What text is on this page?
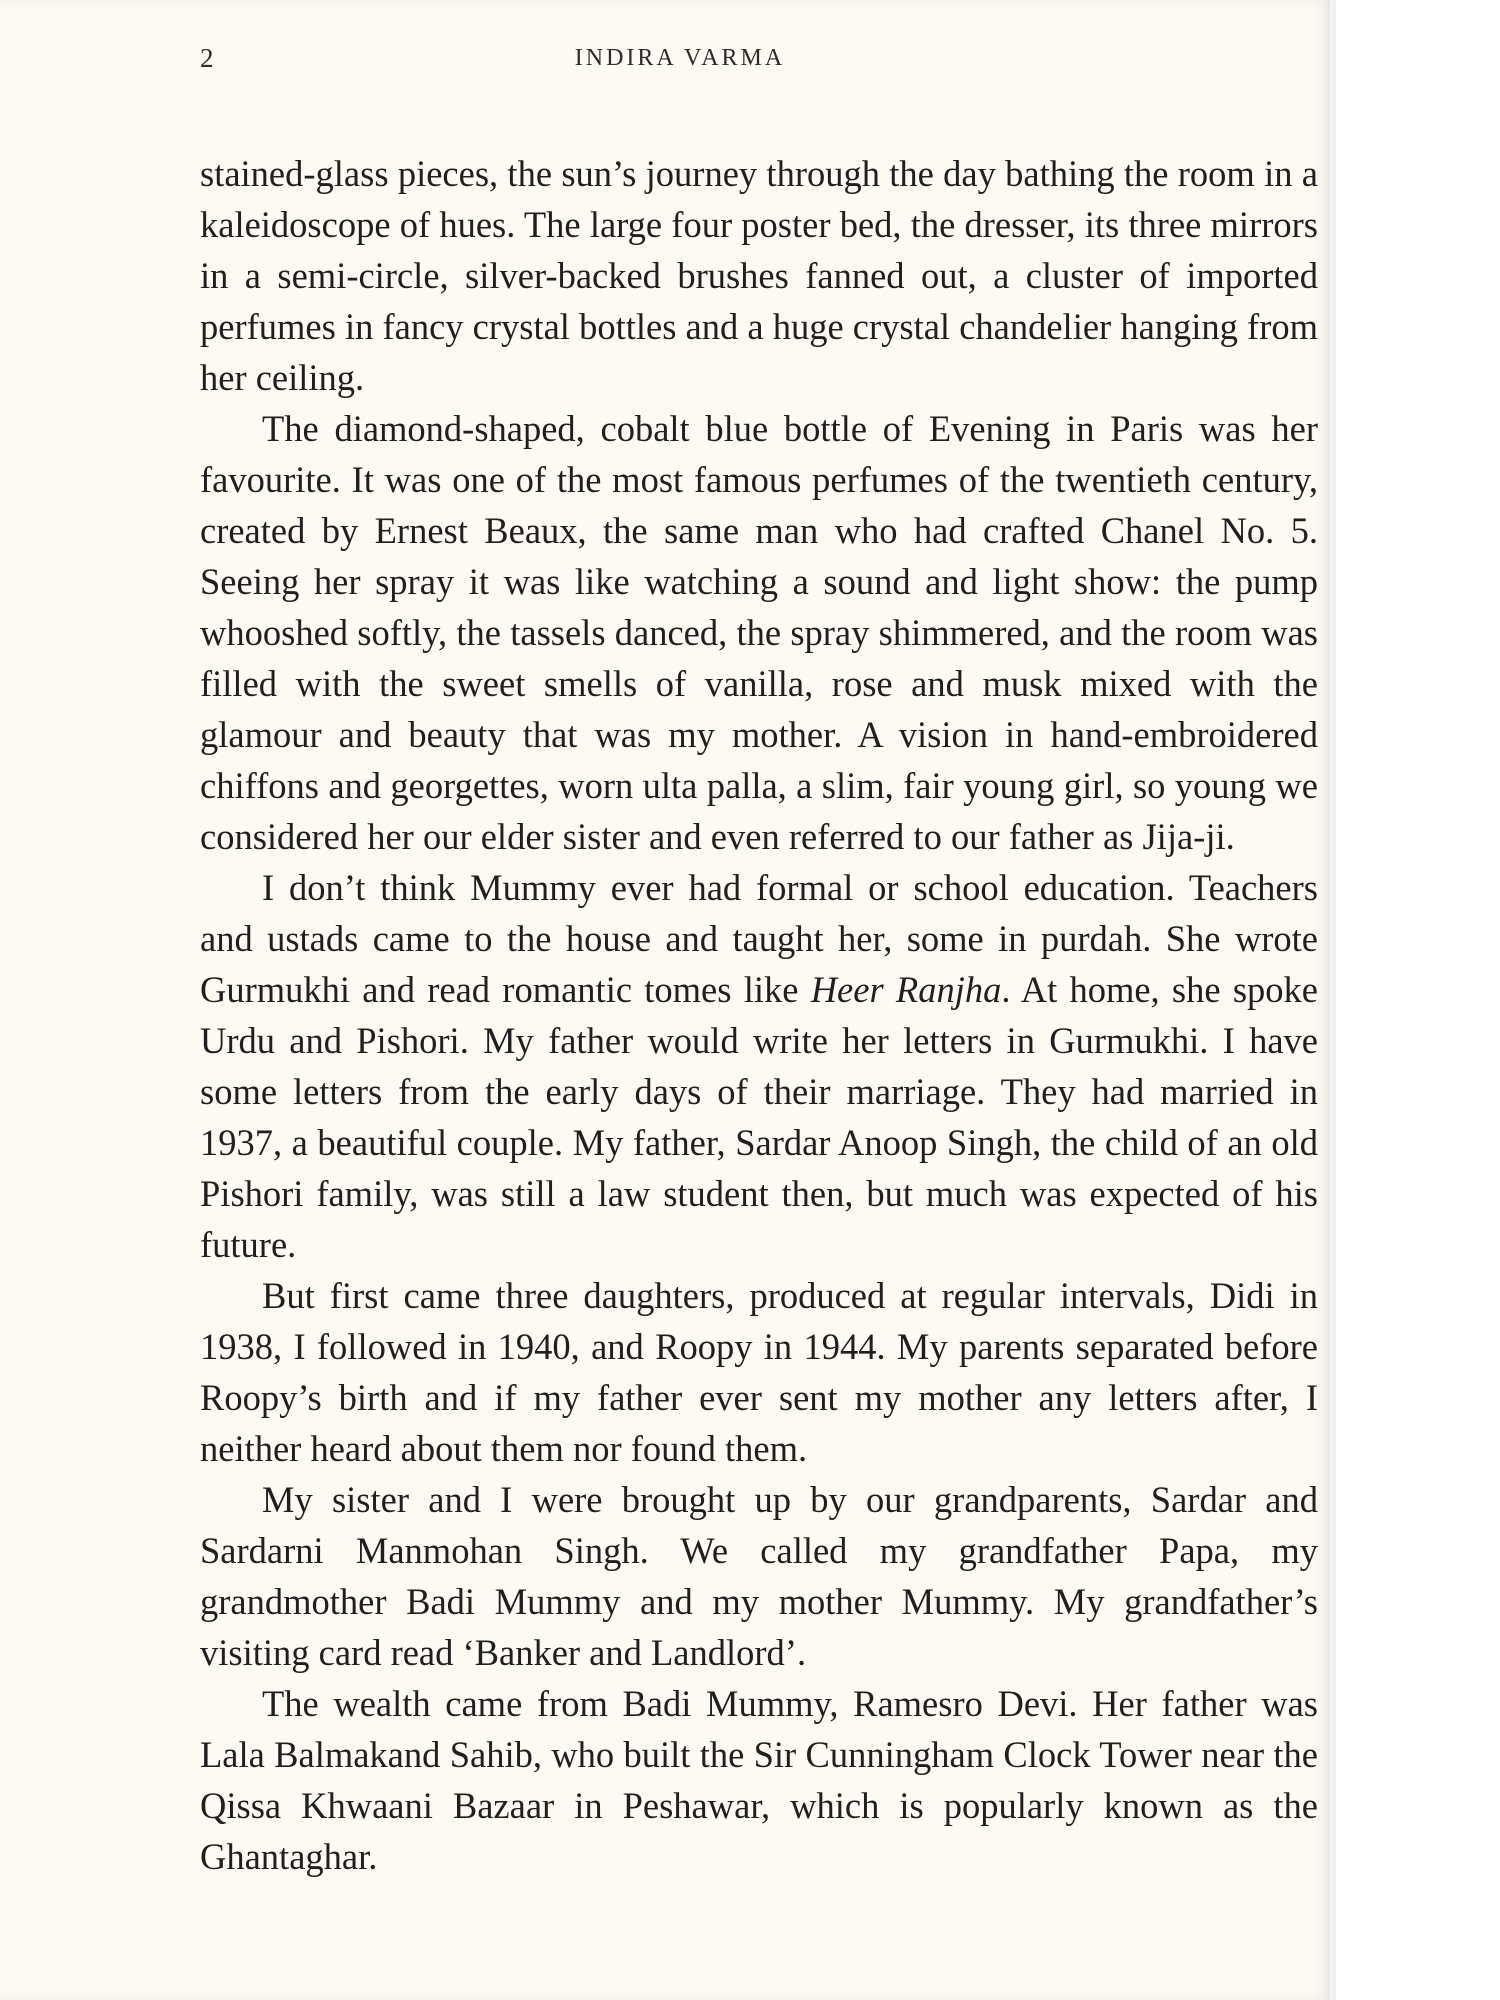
2	INDIRA VARMA

stained-glass pieces, the sun’s journey through the day bathing the room in a kaleidoscope of hues. The large four poster bed, the dresser, its three mirrors in a semi-circle, silver-backed brushes fanned out, a cluster of imported perfumes in fancy crystal bottles and a huge crystal chandelier hanging from her ceiling.

The diamond-shaped, cobalt blue bottle of Evening in Paris was her favourite. It was one of the most famous perfumes of the twentieth century, created by Ernest Beaux, the same man who had crafted Chanel No. 5. Seeing her spray it was like watching a sound and light show: the pump whooshed softly, the tassels danced, the spray shimmered, and the room was filled with the sweet smells of vanilla, rose and musk mixed with the glamour and beauty that was my mother. A vision in hand-embroidered chiffons and georgettes, worn ulta palla, a slim, fair young girl, so young we considered her our elder sister and even referred to our father as Jija-ji.

I don’t think Mummy ever had formal or school education. Teachers and ustads came to the house and taught her, some in purdah. She wrote Gurmukhi and read romantic tomes like Heer Ranjha. At home, she spoke Urdu and Pishori. My father would write her letters in Gurmukhi. I have some letters from the early days of their marriage. They had married in 1937, a beautiful couple. My father, Sardar Anoop Singh, the child of an old Pishori family, was still a law student then, but much was expected of his future.

But first came three daughters, produced at regular intervals, Didi in 1938, I followed in 1940, and Roopy in 1944. My parents separated before Roopy’s birth and if my father ever sent my mother any letters after, I neither heard about them nor found them.

My sister and I were brought up by our grandparents, Sardar and Sardarni Manmohan Singh. We called my grandfather Papa, my grandmother Badi Mummy and my mother Mummy. My grandfather’s visiting card read ‘Banker and Landlord’.

The wealth came from Badi Mummy, Ramesro Devi. Her father was Lala Balmakand Sahib, who built the Sir Cunningham Clock Tower near the Qissa Khwaani Bazaar in Peshawar, which is popularly known as the Ghantaghar.
